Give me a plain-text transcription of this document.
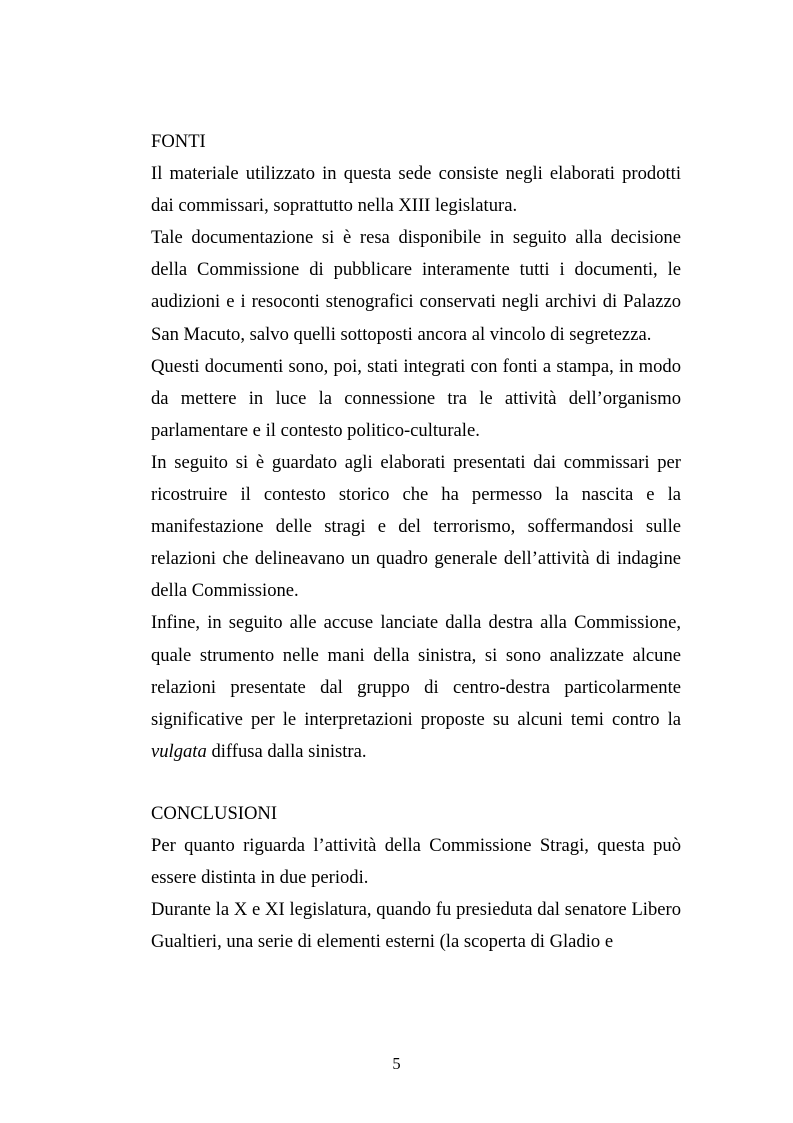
FONTI

Il materiale utilizzato in questa sede consiste negli elaborati prodotti dai commissari, soprattutto nella XIII legislatura.

Tale documentazione si è resa disponibile in seguito alla decisione della Commissione di pubblicare interamente tutti i documenti, le audizioni e i resoconti stenografici conservati negli archivi di Palazzo San Macuto, salvo quelli sottoposti ancora al vincolo di segretezza.

Questi documenti sono, poi, stati integrati con fonti a stampa, in modo da mettere in luce la connessione tra le attività dell’organismo parlamentare e il contesto politico-culturale.

In seguito si è guardato agli elaborati presentati dai commissari per ricostruire il contesto storico che ha permesso la nascita e la manifestazione delle stragi e del terrorismo, soffermandosi sulle relazioni che delineavano un quadro generale dell’attività di indagine della Commissione.

Infine, in seguito alle accuse lanciate dalla destra alla Commissione, quale strumento nelle mani della sinistra, si sono analizzate alcune relazioni presentate dal gruppo di centro-destra particolarmente significative per le interpretazioni proposte su alcuni temi contro la vulgata diffusa dalla sinistra.

CONCLUSIONI

Per quanto riguarda l’attività della Commissione Stragi, questa può essere distinta in due periodi.

Durante la X e XI legislatura, quando fu presieduta dal senatore Libero Gualtieri, una serie di elementi esterni (la scoperta di Gladio e

5
